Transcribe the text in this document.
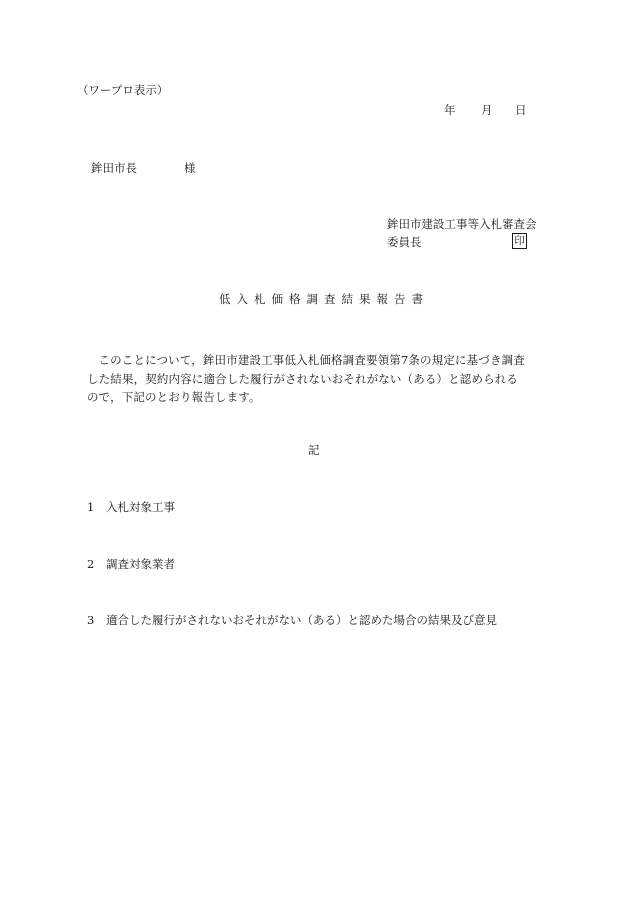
（ワープロ表示）
年 月 日
鉾田市長	様
鉾田市建設工事等入札審査会
委員長	印
低入札価格調査結果報告書
このことについて，鉾田市建設工事低入札価格調査要領第7条の規定に基づき調査した結果，契約内容に適合した履行がされないおそれがない（ある）と認められるので，下記のとおり報告します。
記
1 入札対象工事
2 調査対象業者
3 適合した履行がされないおそれがない（ある）と認めた場合の結果及び意見
